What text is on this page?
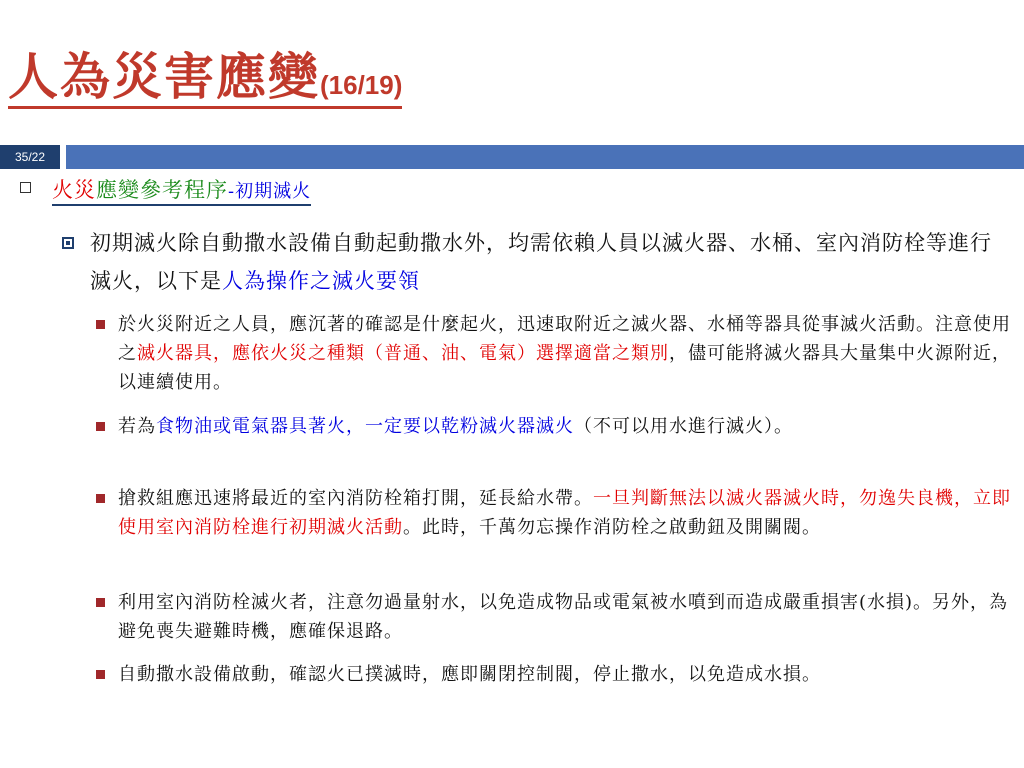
人為災害應變(16/19)
35/22
火災應變參考程序-初期滅火
初期滅火除自動撒水設備自動起動撒水外，均需依賴人員以滅火器、水桶、室內消防栓等進行滅火，以下是人為操作之滅火要領
於火災附近之人員，應沉著的確認是什麼起火，迅速取附近之滅火器、水桶等器具從事滅火活動。注意使用之滅火器具，應依火災之種類（普通、油、電氣）選擇適當之類別，儘可能將滅火器具大量集中火源附近，以連續使用。
若為食物油或電氣器具著火，一定要以乾粉滅火器滅火（不可以用水進行滅火）。
搶救組應迅速將最近的室內消防栓箱打開，延長給水帶。一旦判斷無法以滅火器滅火時，勿逸失良機，立即使用室內消防栓進行初期滅火活動。此時，千萬勿忘操作消防栓之啟動鈕及開關閥。
利用室內消防栓滅火者，注意勿過量射水，以免造成物品或電氣被水噴到而造成嚴重損害(水損)。另外，為避免喪失避難時機，應確保退路。
自動撒水設備啟動，確認火已撲滅時，應即關閉控制閥，停止撒水，以免造成水損。
